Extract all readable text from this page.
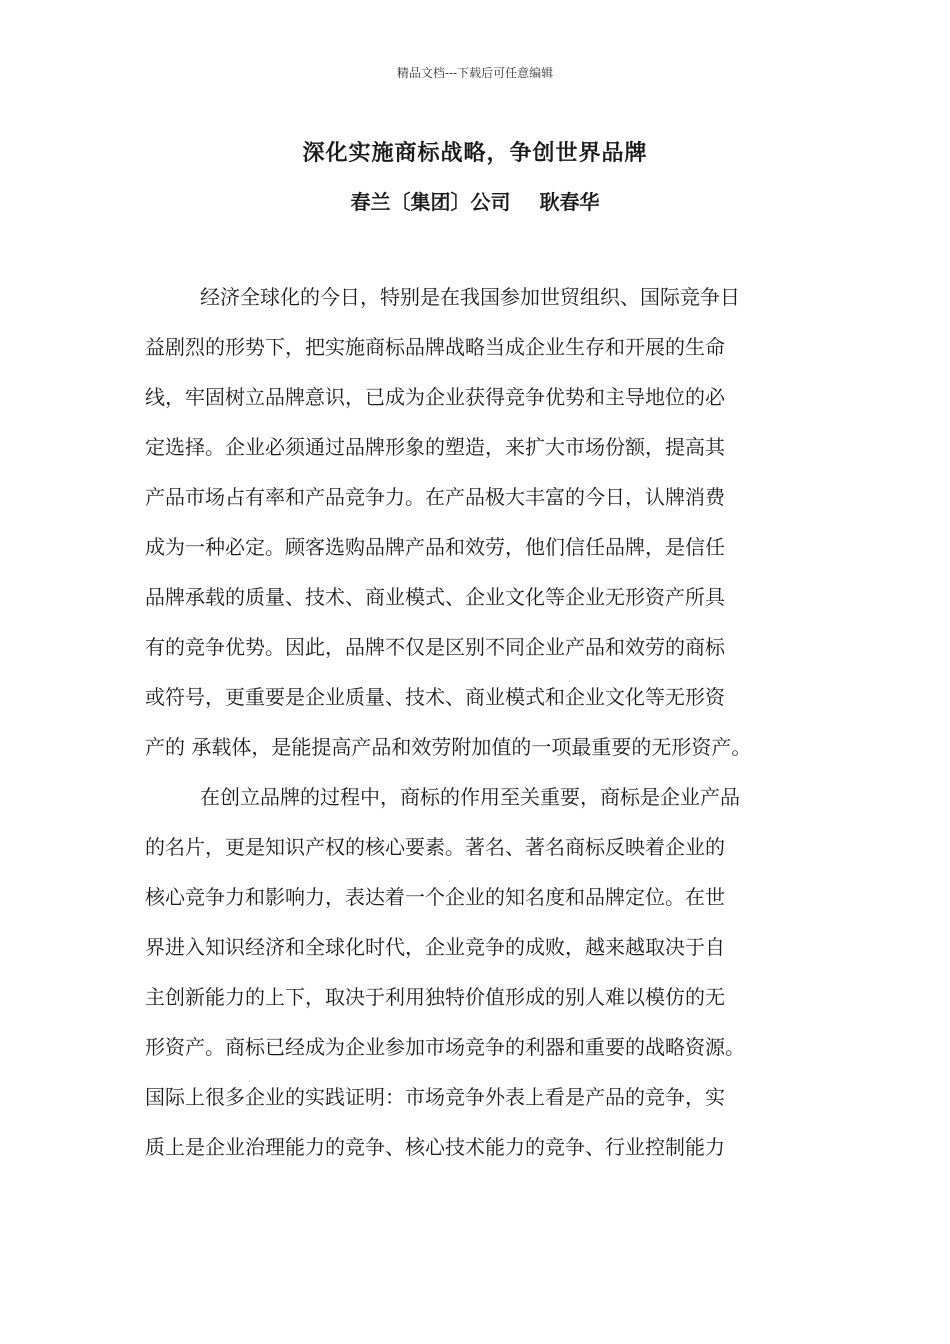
精品文档---下载后可任意编辑
深化实施商标战略，争创世界品牌
春兰〔集团〕公司 耿春华
经济全球化的今日，特别是在我国参加世贸组织、国际竞争日
益剧烈的形势下，把实施商标品牌战略当成企业生存和开展的生命
线，牢固树立品牌意识，已成为企业获得竞争优势和主导地位的必
定选择。企业必须通过品牌形象的塑造，来扩大市场份额，提高其
产品市场占有率和产品竞争力。在产品极大丰富的今日，认牌消费
成为一种必定。顾客选购品牌产品和效劳，他们信任品牌，是信任
品牌承载的质量、技术、商业模式、企业文化等企业无形资产所具
有的竞争优势。因此，品牌不仅是区别不同企业产品和效劳的商标
或符号，更重要是企业质量、技术、商业模式和企业文化等无形资
产的 承载体，是能提高产品和效劳附加值的一项最重要的无形资产。
在创立品牌的过程中，商标的作用至关重要，商标是企业产品
的名片，更是知识产权的核心要素。著名、著名商标反映着企业的
核心竞争力和影响力，表达着一个企业的知名度和品牌定位。在世
界进入知识经济和全球化时代，企业竞争的成败，越来越取决于自
主创新能力的上下，取决于利用独特价值形成的别人难以模仿的无
形资产。商标已经成为企业参加市场竞争的利器和重要的战略资源。
国际上很多企业的实践证明：市场竞争外表上看是产品的竞争，实
质上是企业治理能力的竞争、核心技术能力的竞争、行业控制能力
